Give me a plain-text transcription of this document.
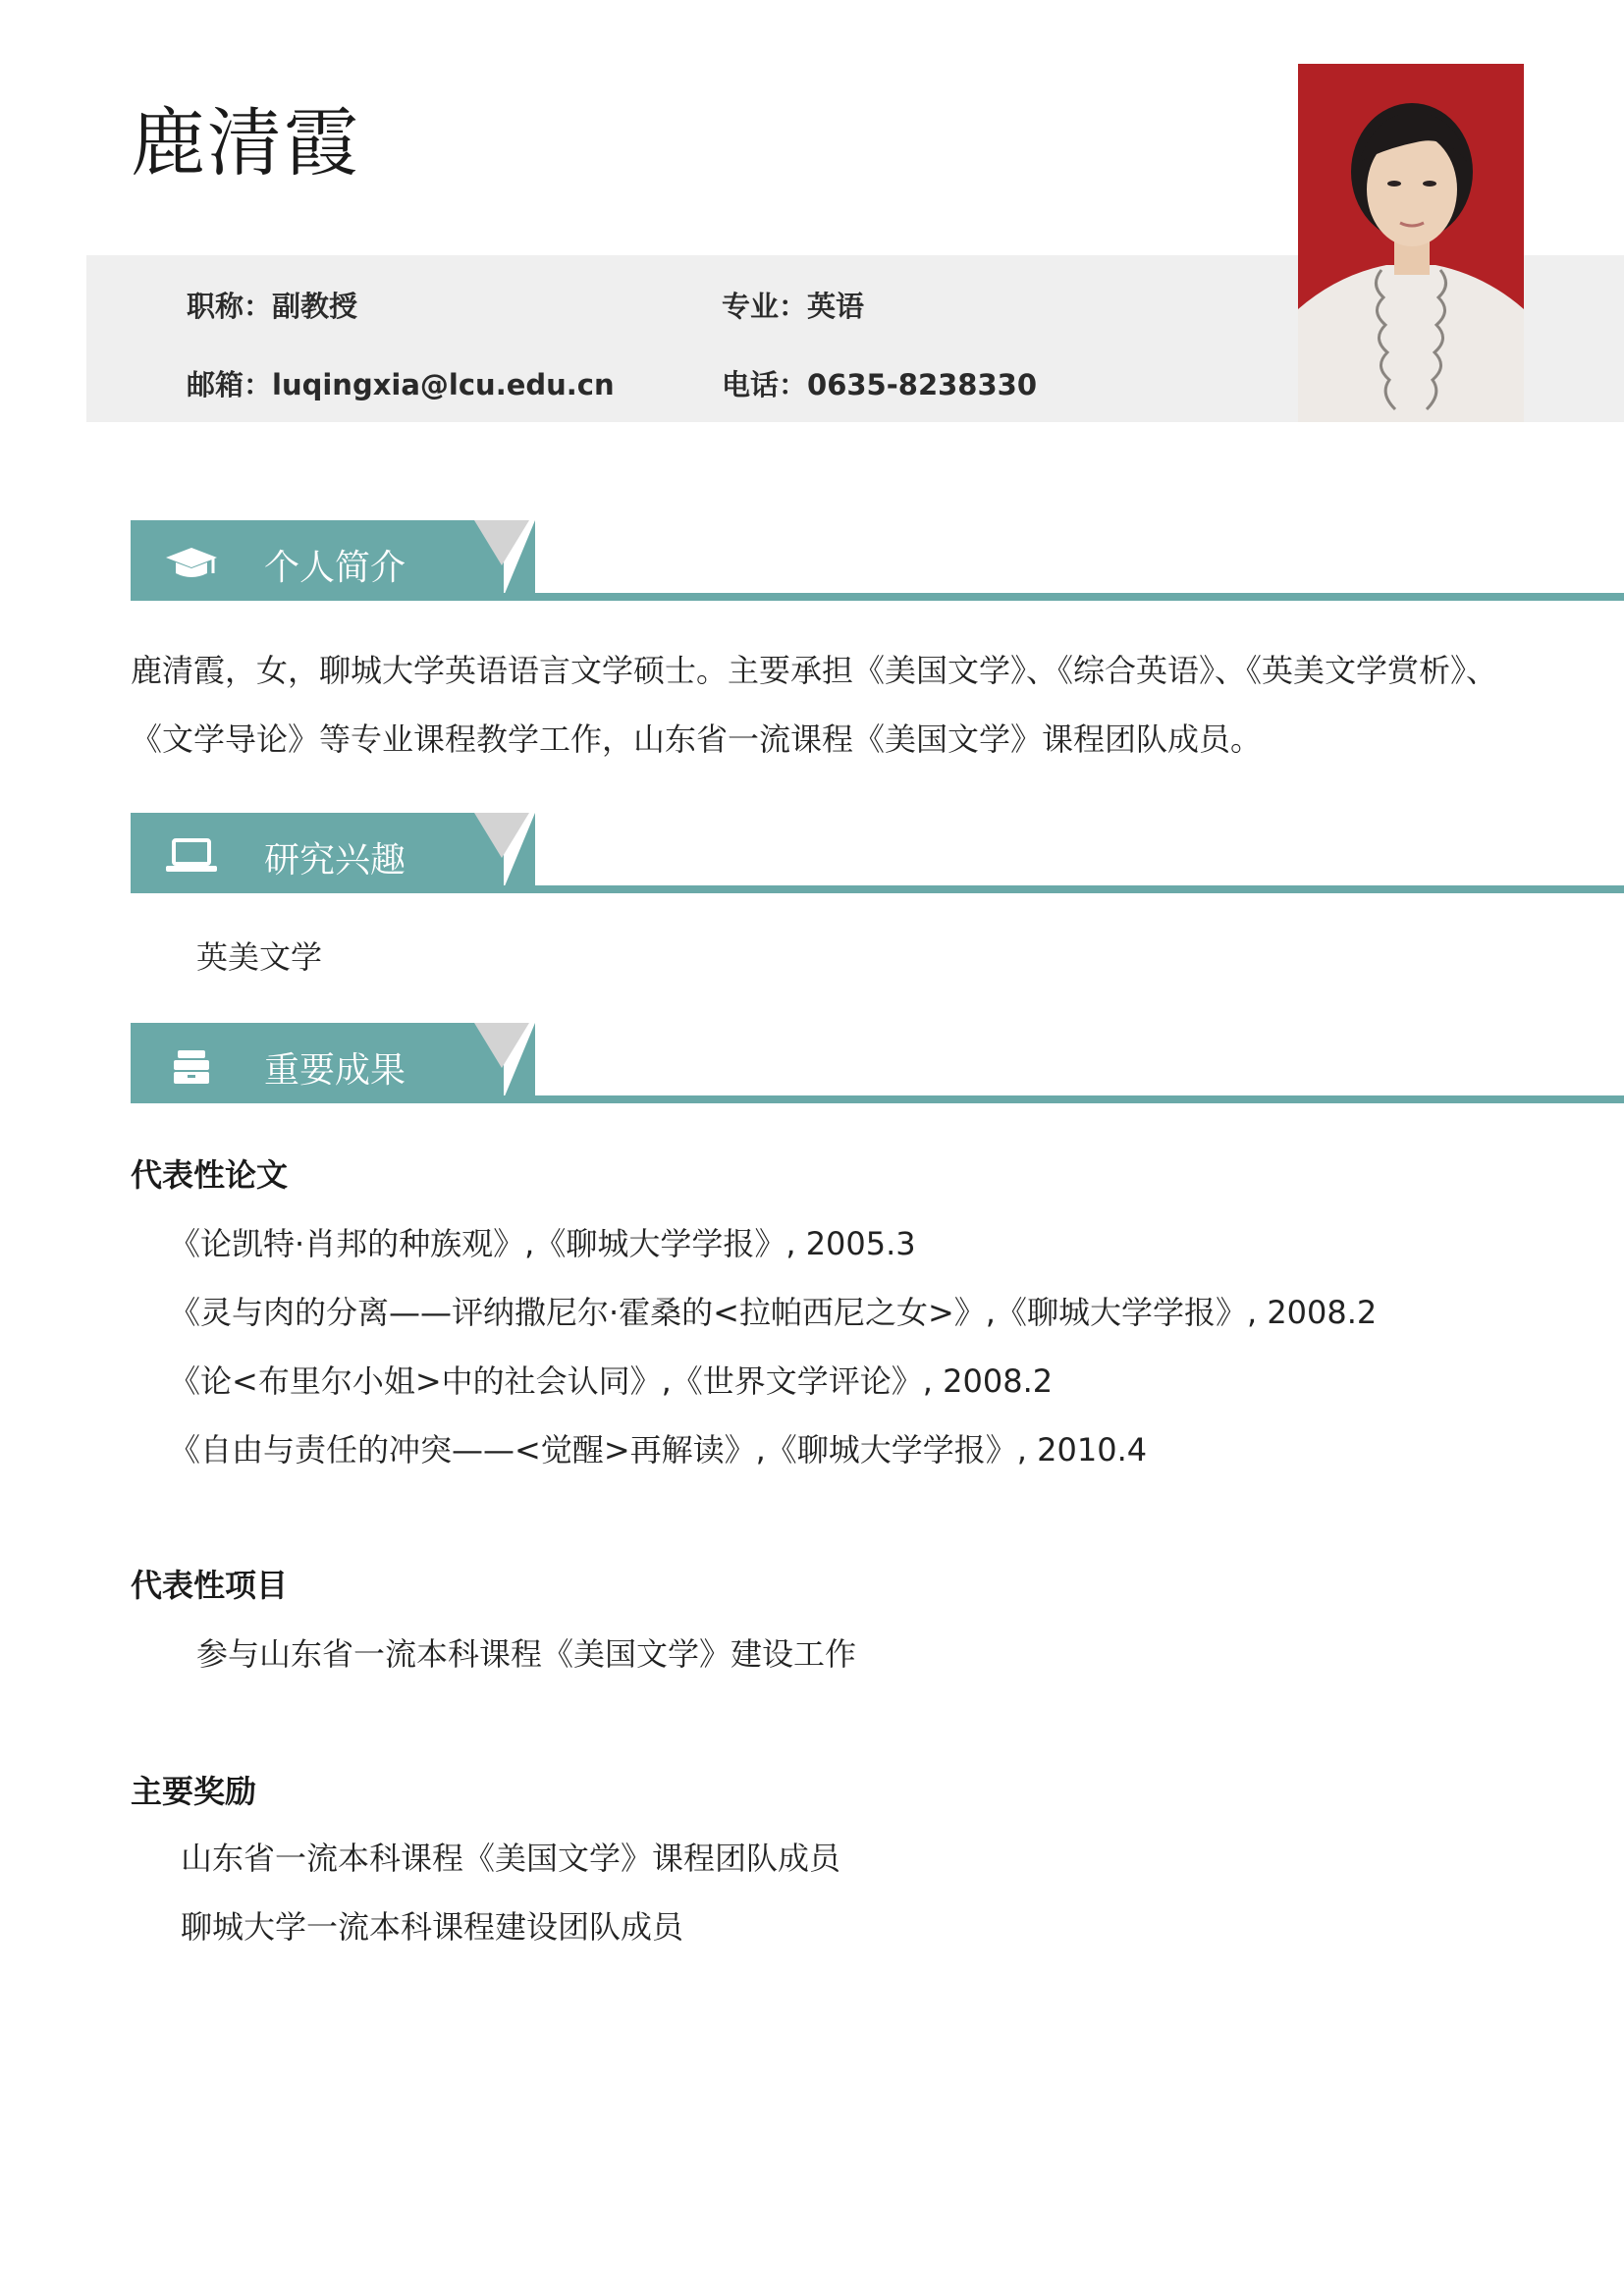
鹿清霞
职称：副教授	专业：英语
邮箱：luqingxia@lcu.edu.cn	电话：0635-8238330
个人简介
鹿清霞，女，聊城大学英语语言文学硕士。主要承担《美国文学》、《综合英语》、《英美文学赏析》、
《文学导论》等专业课程教学工作，山东省一流课程《美国文学》课程团队成员。
研究兴趣
英美文学
重要成果
代表性论文
《论凯特·肖邦的种族观》,《聊城大学学报》, 2005.3
《灵与肉的分离——评纳撒尼尔·霍桑的<拉帕西尼之女>》,《聊城大学学报》, 2008.2
《论<布里尔小姐>中的社会认同》,《世界文学评论》, 2008.2
《自由与责任的冲突——<觉醒>再解读》,《聊城大学学报》, 2010.4
代表性项目
参与山东省一流本科课程《美国文学》建设工作
主要奖励
山东省一流本科课程《美国文学》课程团队成员
聊城大学一流本科课程建设团队成员
